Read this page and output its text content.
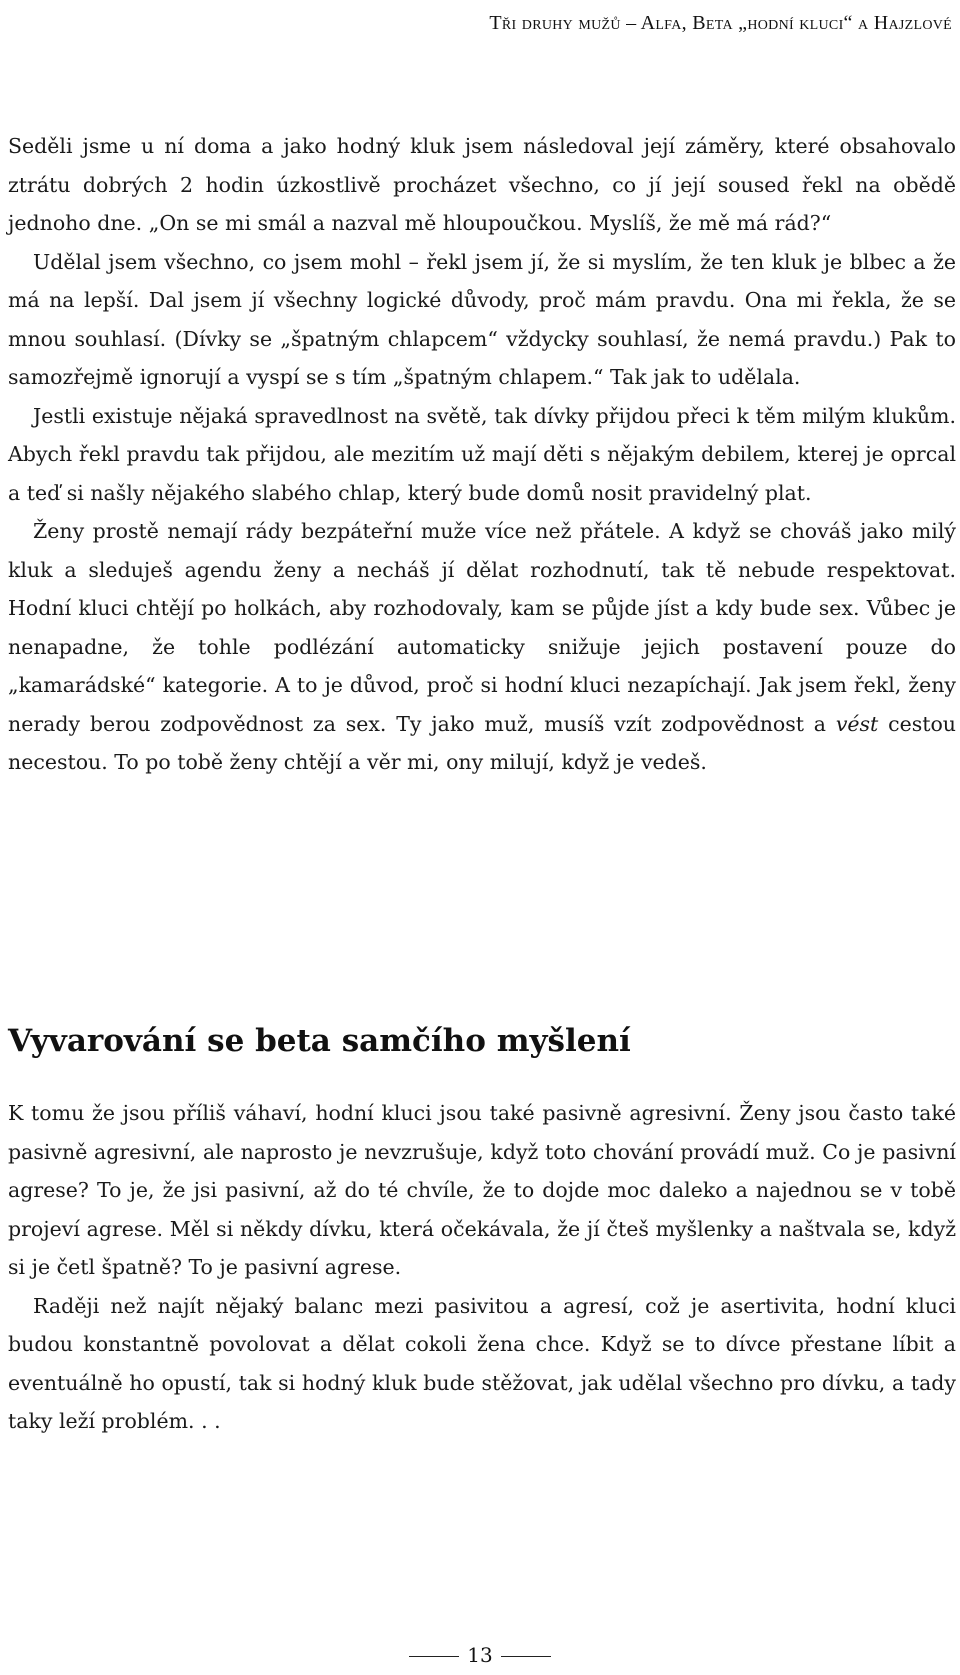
Tři druhy mužů – Alfa, Beta „hodní kluci“ a Hajzlové

Seděli jsme u ní doma a jako hodný kluk jsem následoval její záměry, které obsahovalo ztrátu dobrých 2 hodin úzkostlivě procházet všechno, co jí její soused řekl na obědě jednoho dne. „On se mi smál a nazval mě hloupoučkou. Myslíš, že mě má rád?“

Udělal jsem všechno, co jsem mohl – řekl jsem jí, že si myslím, že ten kluk je blbec a že má na lepší. Dal jsem jí všechny logické důvody, proč mám pravdu. Ona mi řekla, že se mnou souhlasí. (Dívky se „špatným chlapcem“ vždycky souhlasí, že nemá pravdu.) Pak to samozřejmě ignorují a vyspí se s tím „špatným chlapem.“ Tak jak to udělala.

Jestli existuje nějaká spravedlnost na světě, tak dívky přijdou přeci k těm milým klukům. Abych řekl pravdu tak přijdou, ale mezitím už mají děti s nějakým debilem, kterej je oprcal a teď si našly nějakého slabého chlap, který bude domů nosit pravidelný plat.

Ženy prostě nemají rády bezpáteřní muže více než přátele. A když se chováš jako milý kluk a sleduješ agendu ženy a necháš jí dělat rozhodnutí, tak tě nebude respektovat. Hodní kluci chtějí po holkách, aby rozhodovaly, kam se půjde jíst a kdy bude sex. Vůbec je nenapadne, že tohle podlézání automaticky snižuje jejich postavení pouze do „kamarádské“ kategorie. A to je důvod, proč si hodní kluci nezapíchají. Jak jsem řekl, ženy nerady berou zodpovědnost za sex. Ty jako muž, musíš vzít zodpovědnost a vést cestou necestou. To po tobě ženy chtějí a věr mi, ony milují, když je vedeš.

Vyvarování se beta samčího myšlení

K tomu že jsou příliš váhaví, hodní kluci jsou také pasivně agresivní. Ženy jsou často také pasivně agresivní, ale naprosto je nevzrušuje, když toto chování provádí muž. Co je pasivní agrese? To je, že jsi pasivní, až do té chvíle, že to dojde moc daleko a najednou se v tobě projeví agrese. Měl si někdy dívku, která očekávala, že jí čteš myšlenky a naštvala se, když si je četl špatně? To je pasivní agrese.

Raději než najít nějaký balanc mezi pasivitou a agresí, což je asertivita, hodní kluci budou konstantně povolovat a dělat cokoli žena chce. Když se to dívce přestane líbit a eventuálně ho opustí, tak si hodný kluk bude stěžovat, jak udělal všechno pro dívku, a tady taky leží problém. . .

13
